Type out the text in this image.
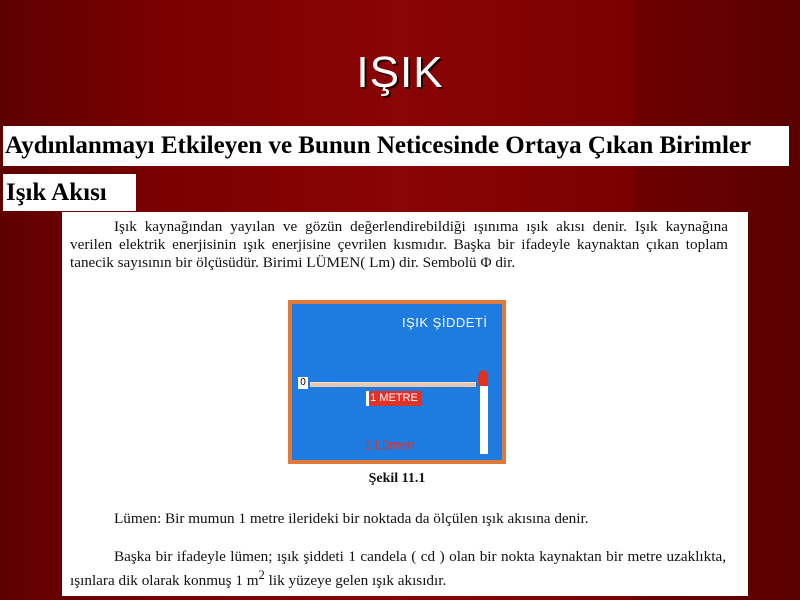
IŞIK
Aydınlanmayı Etkileyen ve Bunun Neticesinde Ortaya Çıkan Birimler
Işık Akısı

Işık kaynağından yayılan ve gözün değerlendirebildiği ışınıma ışık akısı denir. Işık kaynağına verilen elektrik enerjisinin ışık enerjisine çevrilen kısmıdır. Başka bir ifadeyle kaynaktan çıkan toplam tanecik sayısının bir ölçüsüdür. Birimi LÜMEN( Lm) dir. Sembolü Φ dir.

IŞIK ŞİDDETİ
0
1 METRE
1 Lümen
Şekil 11.1

Lümen: Bir mumun 1 metre ilerideki bir noktada da ölçülen ışık akısına denir.

Başka bir ifadeyle lümen; ışık şiddeti 1 candela ( cd ) olan bir nokta kaynaktan bir metre uzaklıkta, ışınlara dik olarak konmuş 1 $m^2$ lik yüzeye gelen ışık akısıdır.
